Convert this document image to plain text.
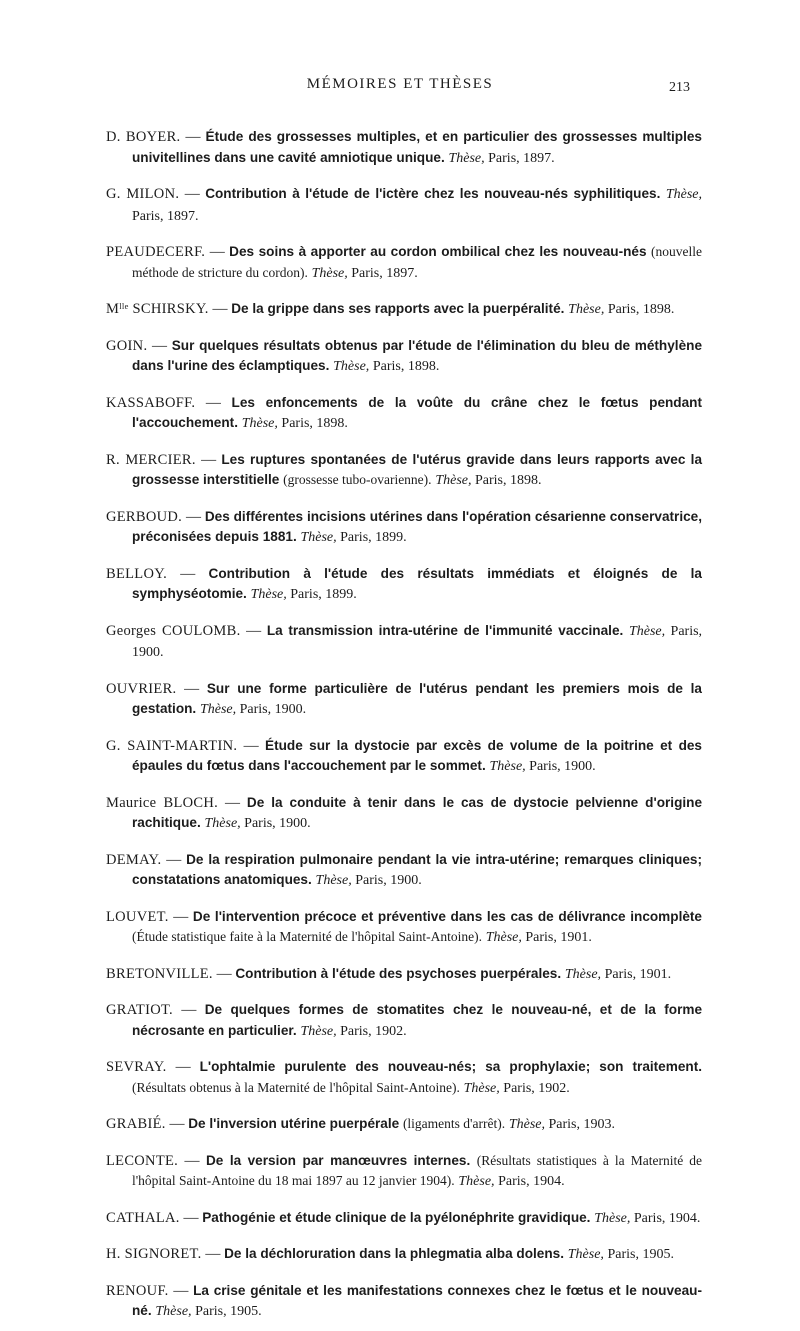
MÉMOIRES ET THÈSES	213

D. BOYER. — Étude des grossesses multiples, et en particulier des grossesses multiples univitellines dans une cavité amniotique unique. Thèse, Paris, 1897.

G. MILON. — Contribution à l'étude de l'ictère chez les nouveau-nés syphilitiques. Thèse, Paris, 1897.

PEAUDECERF. — Des soins à apporter au cordon ombilical chez les nouveau-nés (nouvelle méthode de stricture du cordon). Thèse, Paris, 1897.

Mˡˡᵉ SCHIRSKY. — De la grippe dans ses rapports avec la puerpéralité. Thèse, Paris, 1898.

GOIN. — Sur quelques résultats obtenus par l'étude de l'élimination du bleu de méthylène dans l'urine des éclamptiques. Thèse, Paris, 1898.

KASSABOFF. — Les enfoncements de la voûte du crâne chez le fœtus pendant l'accouchement. Thèse, Paris, 1898.

R. MERCIER. — Les ruptures spontanées de l'utérus gravide dans leurs rapports avec la grossesse interstitielle (grossesse tubo-ovarienne). Thèse, Paris, 1898.

GERBOUD. — Des différentes incisions utérines dans l'opération césarienne conservatrice, préconisées depuis 1881. Thèse, Paris, 1899.

BELLOY. — Contribution à l'étude des résultats immédiats et éloignés de la symphyséotomie. Thèse, Paris, 1899.

Georges COULOMB. — La transmission intra-utérine de l'immunité vaccinale. Thèse, Paris, 1900.

OUVRIER. — Sur une forme particulière de l'utérus pendant les premiers mois de la gestation. Thèse, Paris, 1900.

G. SAINT-MARTIN. — Étude sur la dystocie par excès de volume de la poitrine et des épaules du fœtus dans l'accouchement par le sommet. Thèse, Paris, 1900.

Maurice BLOCH. — De la conduite à tenir dans le cas de dystocie pelvienne d'origine rachitique. Thèse, Paris, 1900.

DEMAY. — De la respiration pulmonaire pendant la vie intra-utérine; remarques cliniques; constatations anatomiques. Thèse, Paris, 1900.

LOUVET. — De l'intervention précoce et préventive dans les cas de délivrance incomplète (Étude statistique faite à la Maternité de l'hôpital Saint-Antoine). Thèse, Paris, 1901.

BRETONVILLE. — Contribution à l'étude des psychoses puerpérales. Thèse, Paris, 1901.

GRATIOT. — De quelques formes de stomatites chez le nouveau-né, et de la forme nécrosante en particulier. Thèse, Paris, 1902.

SEVRAY. — L'ophtalmie purulente des nouveau-nés; sa prophylaxie; son traitement. (Résultats obtenus à la Maternité de l'hôpital Saint-Antoine). Thèse, Paris, 1902.

GRABIÉ. — De l'inversion utérine puerpérale (ligaments d'arrêt). Thèse, Paris, 1903.

LECONTE. — De la version par manœuvres internes. (Résultats statistiques à la Maternité de l'hôpital Saint-Antoine du 18 mai 1897 au 12 janvier 1904). Thèse, Paris, 1904.

CATHALA. — Pathogénie et étude clinique de la pyélonéphrite gravidique. Thèse, Paris, 1904.

H. SIGNORET. — De la déchloruration dans la phlegmatia alba dolens. Thèse, Paris, 1905.

RENOUF. — La crise génitale et les manifestations connexes chez le fœtus et le nouveau-né. Thèse, Paris, 1905.
